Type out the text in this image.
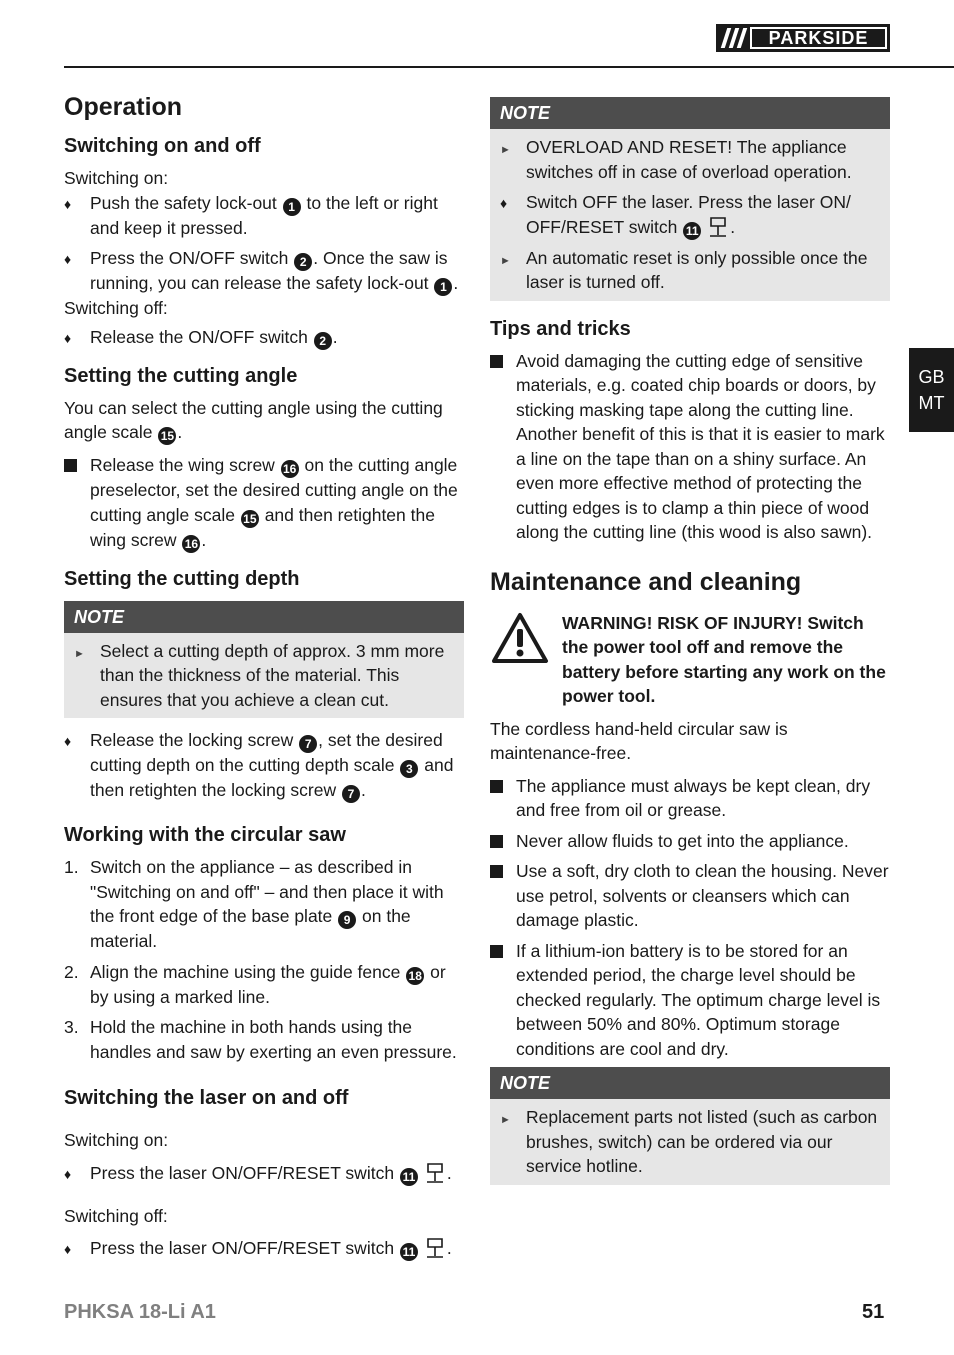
PARKSIDE
GB
MT
Operation
Switching on and off
Switching on:
♦
Push the safety lock-out 1 to the left or right and keep it pressed.
♦
Press the ON/OFF switch 2 . Once the saw is running, you can release the safety lock-out 1 .
Switching off:
♦
Release the ON/OFF switch 2 .
Setting the cutting angle

You can select the cutting angle using the cutting angle scale 15 .

Release the wing screw 16 on the cutting angle preselector, set the desired cutting angle on the cutting angle scale 15 and then retighten the wing screw 16 .
Setting the cutting depth
NOTE
►
Select a cutting depth of approx. 3 mm more than the thickness of the material. This ensures that you achieve a clean cut.
♦
Release the locking screw 7 , set the desired cutting depth on the cutting depth scale 3 and then retighten the locking screw 7 .
Working with the circular saw
1. Switch on the appliance – as described in "Switching on and off" – and then place it with the front edge of the base plate 9 on the material.
2. Align the machine using the guide fence 18 or by using a marked line.
3. Hold the machine in both hands using the handles and saw by exerting an even pressure.
Switching the laser on and off
Switching on:
♦
Press the laser ON/OFF/RESET switch 11 .
Switching off:
♦
Press the laser ON/OFF/RESET switch 11 .
NOTE
►
OVERLOAD AND RESET! The appliance switches off in case of overload operation.
♦
Switch OFF the laser. Press the laser ON/ OFF/RESET switch 11 .
►
An automatic reset is only possible once the laser is turned off.
Tips and tricks
Avoid damaging the cutting edge of sensitive materials, e.g. coated chip boards or doors, by sticking masking tape along the cutting line. Another benefit of this is that it is easier to mark a line on the tape than on a shiny surface. An even more effective method of protecting the cutting edges is to clamp a thin piece of wood along the cutting line (this wood is also sawn).
Maintenance and cleaning
WARNING! RISK OF INJURY! Switch the power tool off and remove the battery before starting any work on the power tool.

The cordless hand-held circular saw is maintenance-free.

The appliance must always be kept clean, dry and free from oil or grease.
Never allow fluids to get into the appliance.
Use a soft, dry cloth to clean the housing. Never use petrol, solvents or cleansers which can damage plastic.
If a lithium-ion battery is to be stored for an extended period, the charge level should be checked regularly. The optimum charge level is between 50% and 80%. Optimum storage conditions are cool and dry.
NOTE
►
Replacement parts not listed (such as carbon brushes, switch) can be ordered via our service hotline.
PHKSA 18-Li A1	51
